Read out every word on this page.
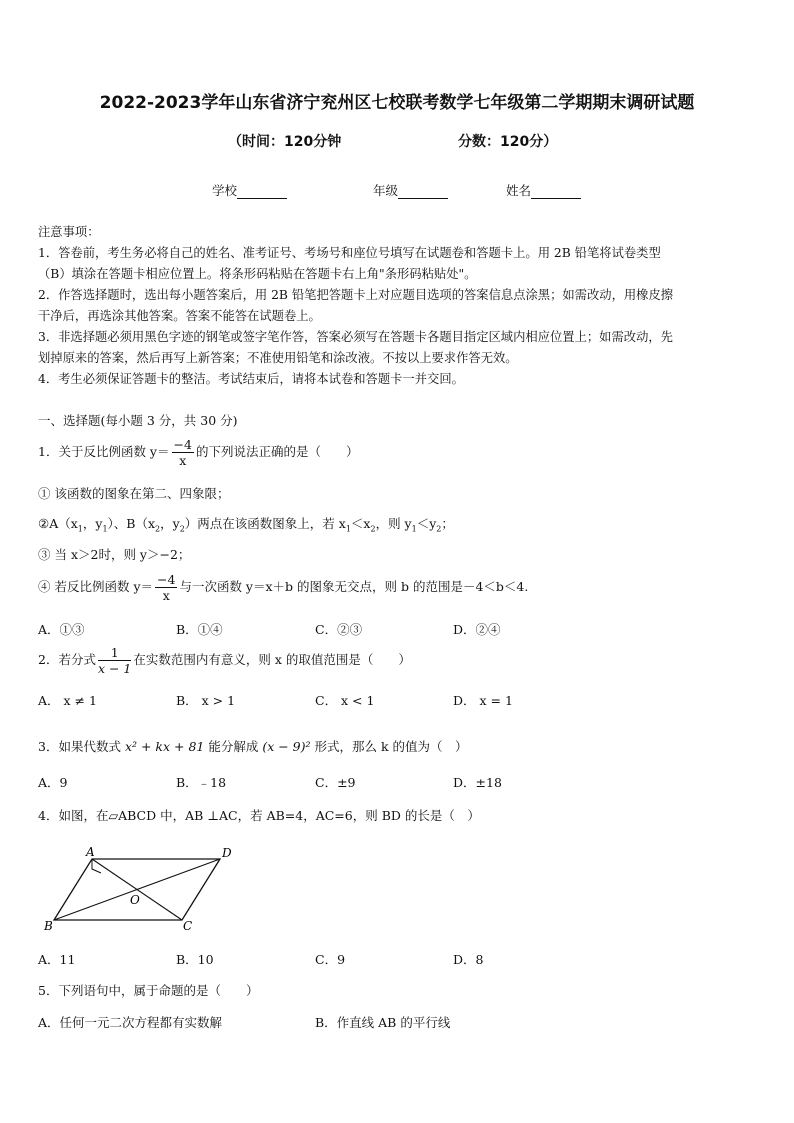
2022-2023学年山东省济宁兖州区七校联考数学七年级第二学期期末调研试题
（时间：120分钟	分数：120分）
学校	年级	姓名
注意事项：
1．答卷前，考生务必将自己的姓名、准考证号、考场号和座位号填写在试题卷和答题卡上。用 2B 铅笔将试卷类型
（B）填涂在答题卡相应位置上。将条形码粘贴在答题卡右上角"条形码粘贴处"。
2．作答选择题时，选出每小题答案后，用 2B 铅笔把答题卡上对应题目选项的答案信息点涂黑；如需改动，用橡皮擦
干净后，再选涂其他答案。答案不能答在试题卷上。
3．非选择题必须用黑色字迹的钢笔或签字笔作答，答案必须写在答题卡各题目指定区域内相应位置上；如需改动，先
划掉原来的答案，然后再写上新答案；不准使用铅笔和涂改液。不按以上要求作答无效。
4．考生必须保证答题卡的整洁。考试结束后，请将本试卷和答题卡一并交回。
一、选择题(每小题 3 分，共 30 分)
1．关于反比例函数 $y= \frac{-4}{x}$ 的下列说法正确的是（　　）
① 该函数的图象在第二、四象限；
$②A(x_1$，$y_1$）、$B(x_2$，$y_2$）两点在该函数图象上，若 $x_1<x_2$，则 $y_1<y_2$；
③ 当 x＞2时，则 y＞−2；
④ 若反比例函数 $y= \frac{-4}{x}$ 与一次函数 y＝x＋b 的图象无交点，则 b 的范围是－4＜b＜4.
A．①③	B．①④	C．②③	D．②④
2．若分式 $\frac{1}{x - 1}$ 在实数范围内有意义，则 x 的取值范围是（　　）
A． x ≠ 1	B． x > 1	C． x < 1	D． x = 1
3．如果代数式 x² + kx + 81 能分解成 (x − 9)² 形式，那么 k 的值为（　）
A．9	B．﹣18	C．±9	D．±18
4．如图，在▱ABCD 中，AB ⊥AC，若 AB=4，AC=6，则 BD 的长是（　）
A	D
B	C
O
A．11	B．10	C．9	D．8
5．下列语句中，属于命题的是（　　）
A．任何一元二次方程都有实数解	B．作直线 AB 的平行线
